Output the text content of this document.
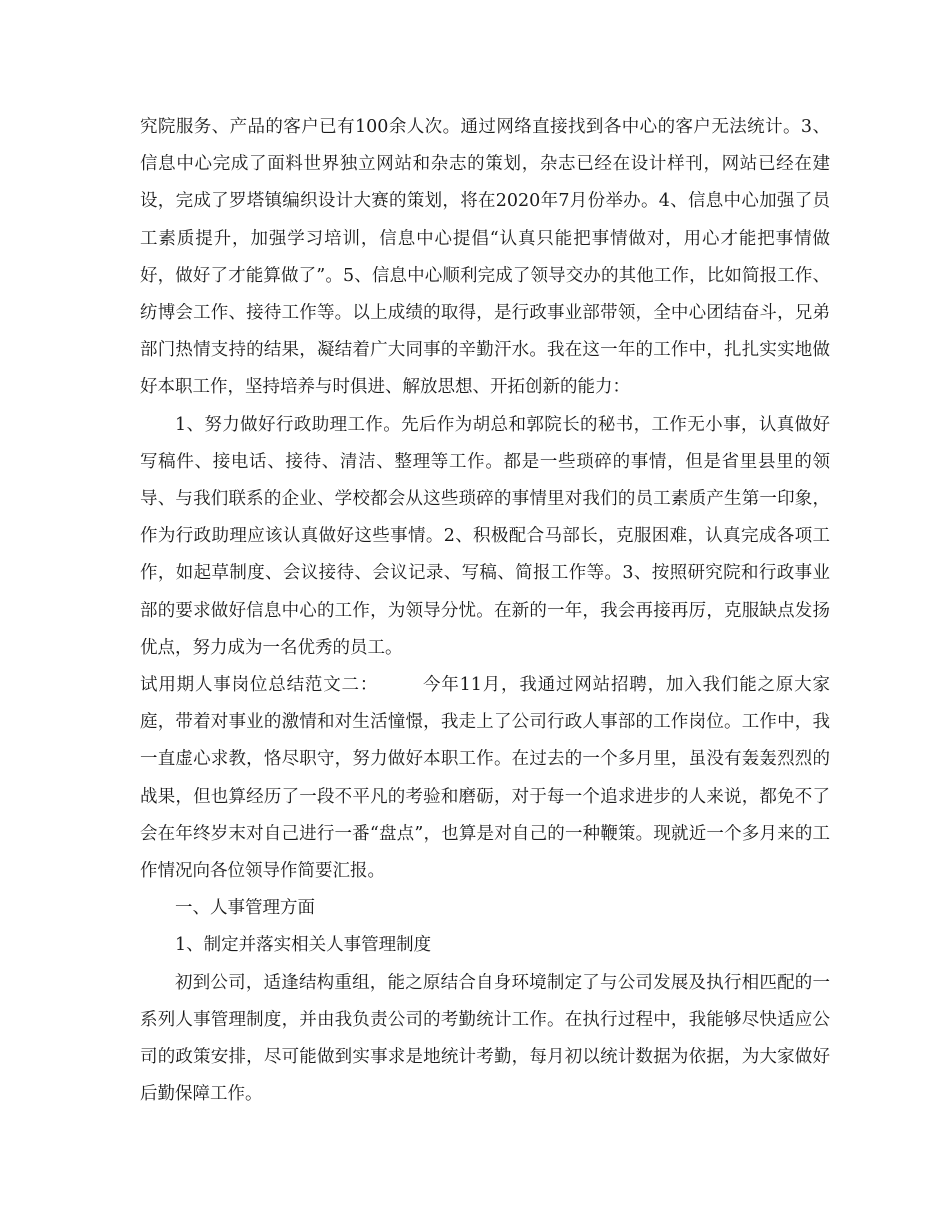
究院服务、产品的客户已有100余人次。通过网络直接找到各中心的客户无法统计。3、信息中心完成了面料世界独立网站和杂志的策划，杂志已经在设计样刊，网站已经在建设，完成了罗塔镇编织设计大赛的策划，将在2020年7月份举办。4、信息中心加强了员工素质提升，加强学习培训，信息中心提倡“认真只能把事情做对，用心才能把事情做好，做好了才能算做了”。5、信息中心顺利完成了领导交办的其他工作，比如简报工作、纺博会工作、接待工作等。以上成绩的取得，是行政事业部带领，全中心团结奋斗，兄弟部门热情支持的结果，凝结着广大同事的辛勤汗水。我在这一年的工作中，扎扎实实地做好本职工作，坚持培养与时俱进、解放思想、开拓创新的能力：

1、努力做好行政助理工作。先后作为胡总和郭院长的秘书，工作无小事，认真做好写稿件、接电话、接待、清洁、整理等工作。都是一些琐碎的事情，但是省里县里的领导、与我们联系的企业、学校都会从这些琐碎的事情里对我们的员工素质产生第一印象，作为行政助理应该认真做好这些事情。2、积极配合马部长，克服困难，认真完成各项工作，如起草制度、会议接待、会议记录、写稿、简报工作等。3、按照研究院和行政事业部的要求做好信息中心的工作，为领导分忧。在新的一年，我会再接再厉，克服缺点发扬优点，努力成为一名优秀的员工。

试用期人事岗位总结范文二：	今年11月，我通过网站招聘，加入我们能之原大家庭，带着对事业的激情和对生活憧憬，我走上了公司行政人事部的工作岗位。工作中，我一直虚心求教，恪尽职守，努力做好本职工作。在过去的一个多月里，虽没有轰轰烈烈的战果，但也算经历了一段不平凡的考验和磨砺，对于每一个追求进步的人来说，都免不了会在年终岁末对自己进行一番“盘点”，也算是对自己的一种鞭策。现就近一个多月来的工作情况向各位领导作简要汇报。

一、人事管理方面

1、制定并落实相关人事管理制度

初到公司，适逢结构重组，能之原结合自身环境制定了与公司发展及执行相匹配的一系列人事管理制度，并由我负责公司的考勤统计工作。在执行过程中，我能够尽快适应公司的政策安排，尽可能做到实事求是地统计考勤，每月初以统计数据为依据，为大家做好后勤保障工作。
